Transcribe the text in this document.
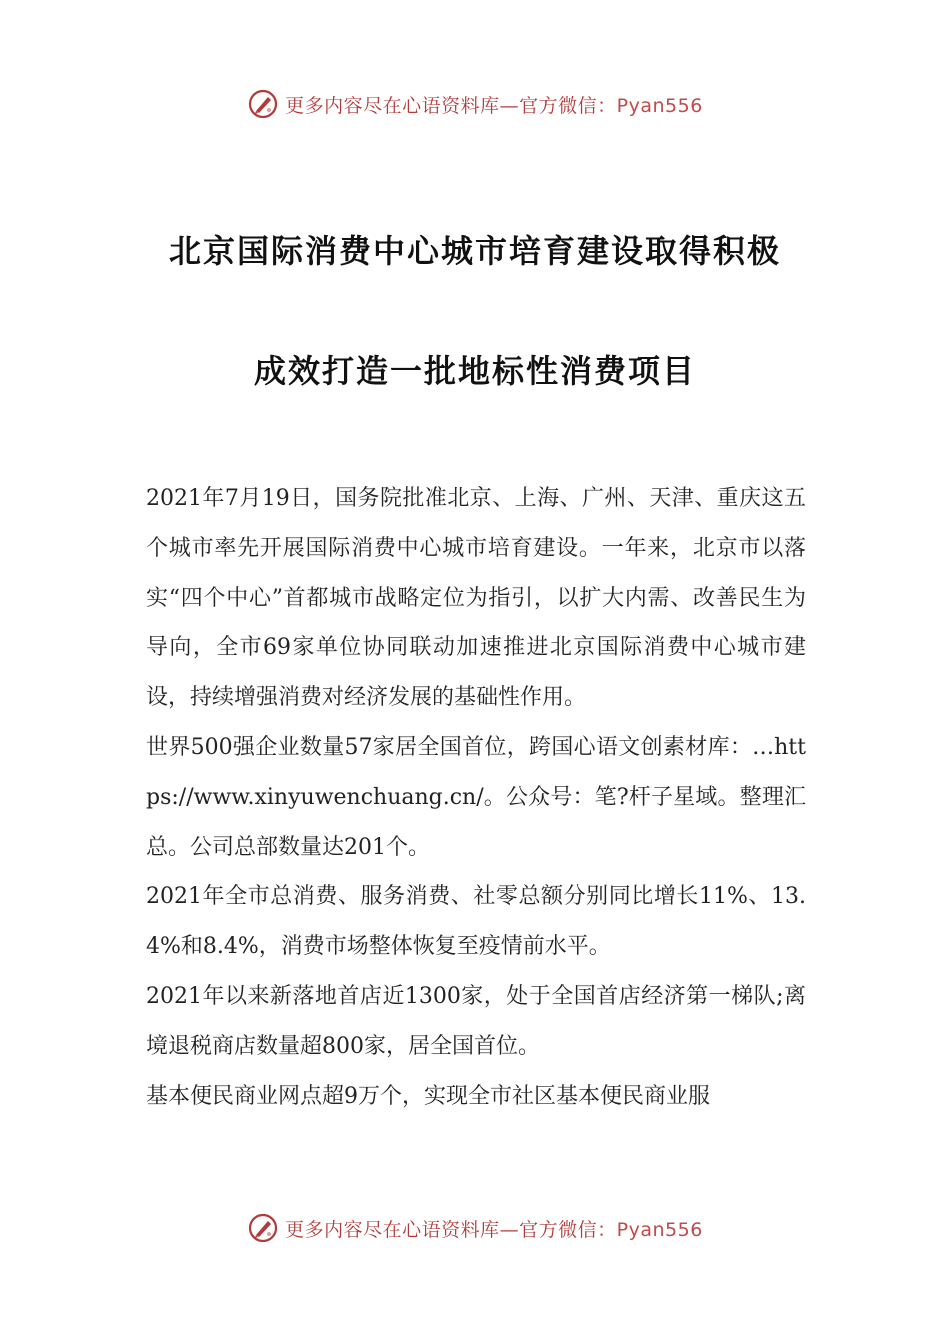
更多内容尽在心语资料库—官方微信：Pyan556
北京国际消费中心城市培育建设取得积极
成效打造一批地标性消费项目

2021年7月19日，国务院批准北京、上海、广州、天津、重庆这五个城市率先开展国际消费中心城市培育建设。一年来，北京市以落实“四个中心”首都城市战略定位为指引，以扩大内需、改善民生为导向，全市69家单位协同联动加速推进北京国际消费中心城市建设，持续增强消费对经济发展的基础性作用。

世界500强企业数量57家居全国首位，跨国心语文创素材库：…https://www.xinyuwenchuang.cn/。公众号：笔?杆子星域。整理汇总。公司总部数量达201个。

2021年全市总消费、服务消费、社零总额分别同比增长11%、13.4%和8.4%，消费市场整体恢复至疫情前水平。

2021年以来新落地首店近1300家，处于全国首店经济第一梯队;离境退税商店数量超800家，居全国首位。

基本便民商业网点超9万个，实现全市社区基本便民商业服

更多内容尽在心语资料库—官方微信：Pyan556
